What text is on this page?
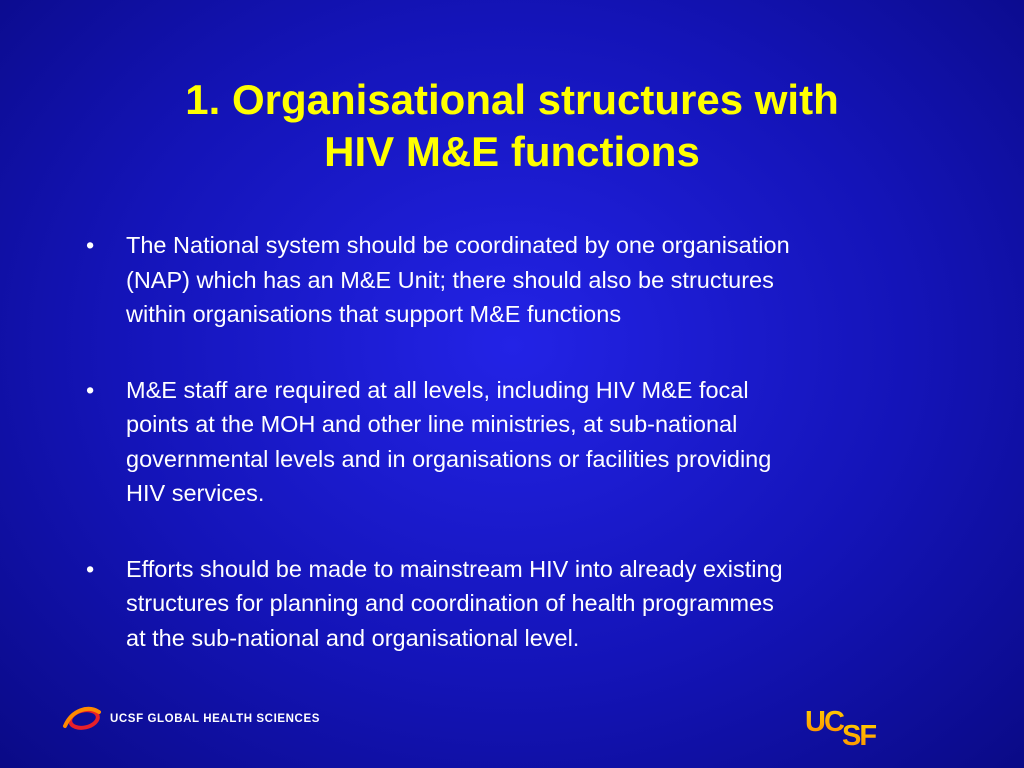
1. Organisational structures with
HIV M&E functions
•	The National system should be coordinated by one organisation
(NAP) which has an M&E Unit; there should also be structures
within organisations that support M&E functions
•	M&E staff are required at all levels, including HIV M&E focal
points at the MOH and other line ministries, at sub-national
governmental levels and in organisations or facilities providing
HIV services.
•	Efforts should be made to mainstream HIV into already existing
structures for planning and coordination of health programmes
at the sub-national and organisational level.
UCSF GLOBAL HEALTH SCIENCES	UC SF
